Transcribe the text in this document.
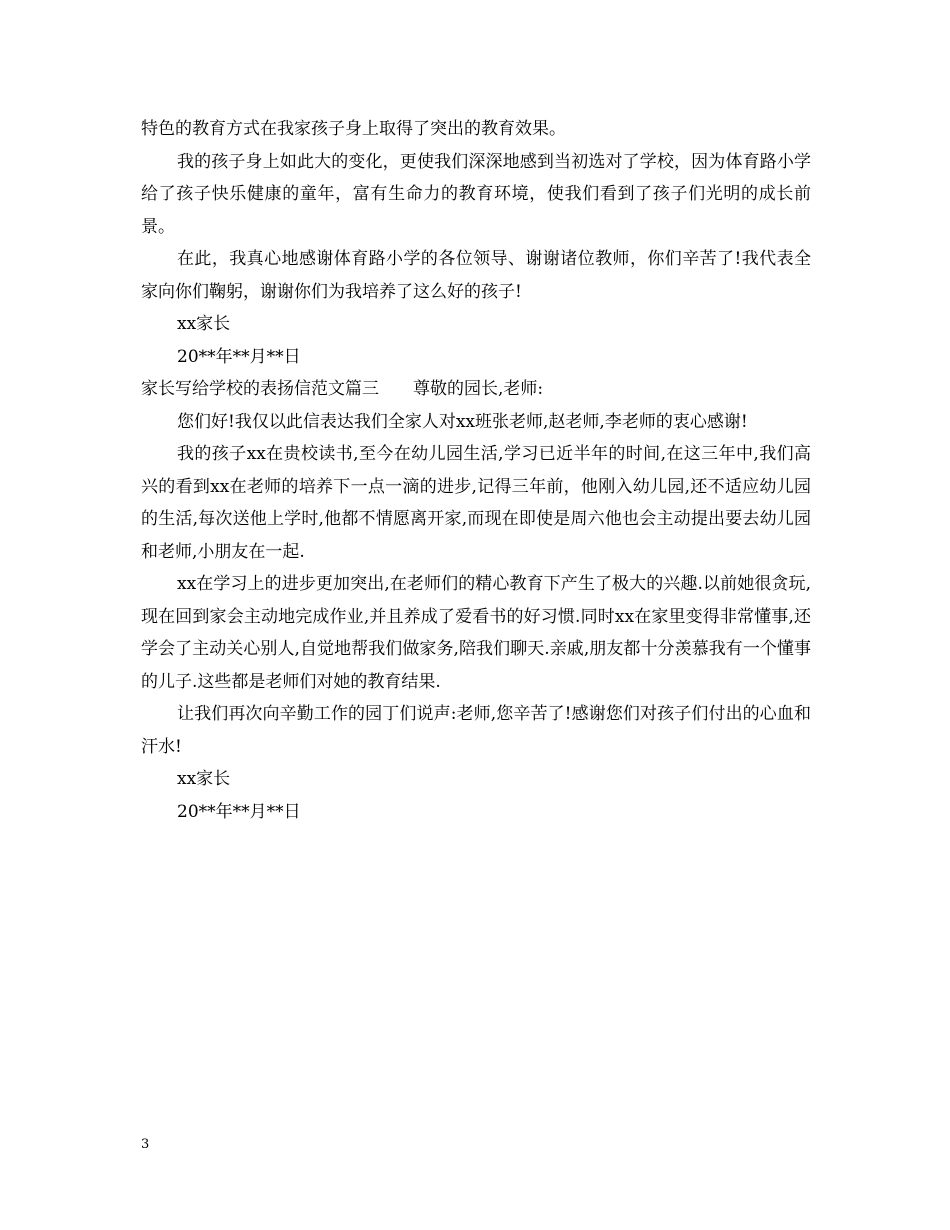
特色的教育方式在我家孩子身上取得了突出的教育效果。

我的孩子身上如此大的变化，更使我们深深地感到当初选对了学校，因为体育路小学给了孩子快乐健康的童年，富有生命力的教育环境，使我们看到了孩子们光明的成长前景。

在此，我真心地感谢体育路小学的各位领导、谢谢诸位教师，你们辛苦了!我代表全家向你们鞠躬，谢谢你们为我培养了这么好的孩子!

xx家长

20**年**月**日

家长写给学校的表扬信范文篇三　　尊敬的园长,老师:

您们好!我仅以此信表达我们全家人对xx班张老师,赵老师,李老师的衷心感谢!

我的孩子xx在贵校读书,至今在幼儿园生活,学习已近半年的时间,在这三年中,我们高兴的看到xx在老师的培养下一点一滴的进步,记得三年前，他刚入幼儿园,还不适应幼儿园的生活,每次送他上学时,他都不情愿离开家,而现在即使是周六他也会主动提出要去幼儿园和老师,小朋友在一起.

xx在学习上的进步更加突出,在老师们的精心教育下产生了极大的兴趣.以前她很贪玩,现在回到家会主动地完成作业,并且养成了爱看书的好习惯.同时xx在家里变得非常懂事,还学会了主动关心别人,自觉地帮我们做家务,陪我们聊天.亲戚,朋友都十分羡慕我有一个懂事的儿子.这些都是老师们对她的教育结果.

让我们再次向辛勤工作的园丁们说声:老师,您辛苦了!感谢您们对孩子们付出的心血和汗水!

xx家长

20**年**月**日

3
